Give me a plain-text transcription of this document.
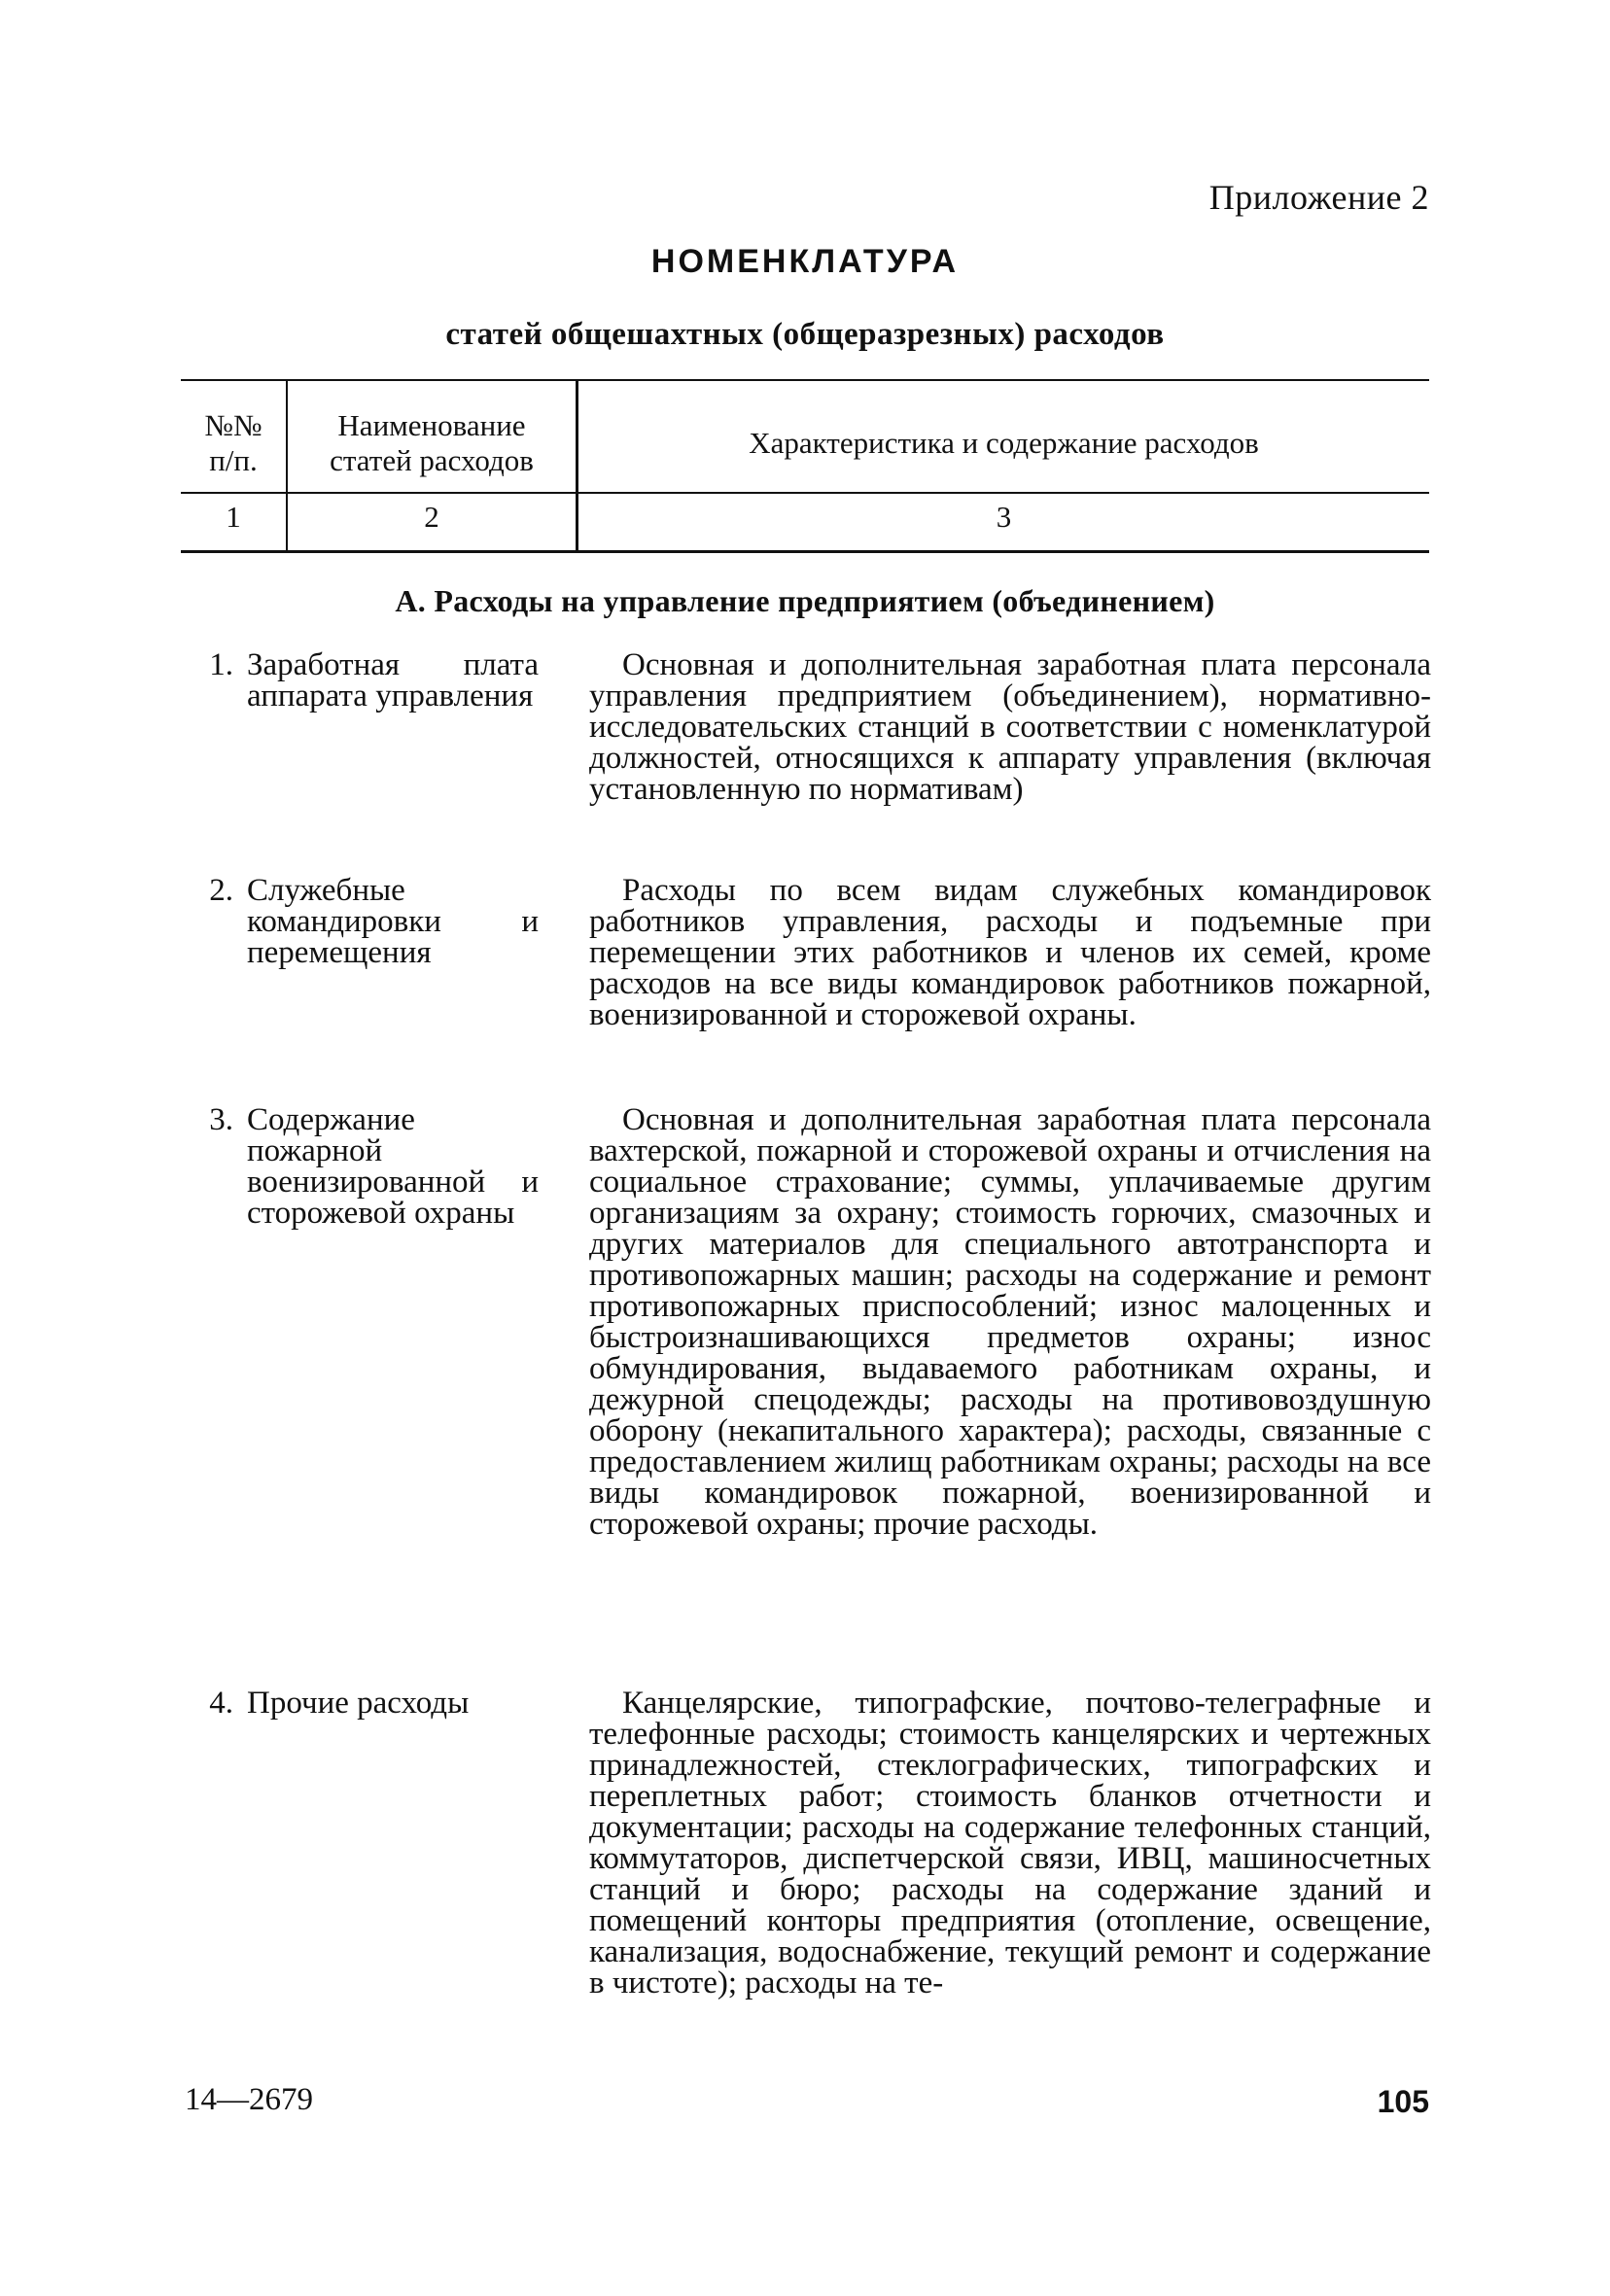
Приложение 2
НОМЕНКЛАТУРА
статей общешахтных (общеразрезных) расходов
№№ п/п.
1
Наименование статей расходов
2
Характеристика и содержание расходов
3
А. Расходы на управление предприятием (объединением)
1. Заработная плата аппарата управления
Основная и дополнительная заработная плата персонала управления предприятием (объединением), нормативно-исследовательских станций в соответствии с номенклатурой должностей, относящихся к аппарату управления (включая установленную по нормативам)
2. Служебные командировки и перемещения
Расходы по всем видам служебных командировок работников управления, расходы и подъемные при перемещении этих работников и членов их семей, кроме расходов на все виды командировок работников пожарной, военизированной и сторожевой охраны.
3. Содержание пожарной военизированной и сторожевой охраны
Основная и дополнительная заработная плата персонала вахтерской, пожарной и сторожевой охраны и отчисления на социальное страхование; суммы, уплачиваемые другим организациям за охрану; стоимость горючих, смазочных и других материалов для специального автотранспорта и противопожарных машин; расходы на содержание и ремонт противопожарных приспособлений; износ малоценных и быстроизнашивающихся предметов охраны; износ обмундирования, выдаваемого работникам охраны, и дежурной спецодежды; расходы на противовоздушную оборону (некапитального характера); расходы, связанные с предоставлением жилищ работникам охраны; расходы на все виды командировок пожарной, военизированной и сторожевой охраны; прочие расходы.
4. Прочие расходы	Канцелярские, типографские, почтово-телеграфные и телефонные расходы; стоимость канцелярских и чертежных принадлежностей, стеклографических, типографских и переплетных работ; стоимость бланков отчетности и документации; расходы на содержание телефонных станций, коммутаторов, диспетчерской связи, ИВЦ, машиносчетных станций и бюро; расходы на содержание зданий и помещений конторы предприятия (отопление, освещение, канализация, водоснабжение, текущий ремонт и содержание в чистоте); расходы на те-
14—2679	105
